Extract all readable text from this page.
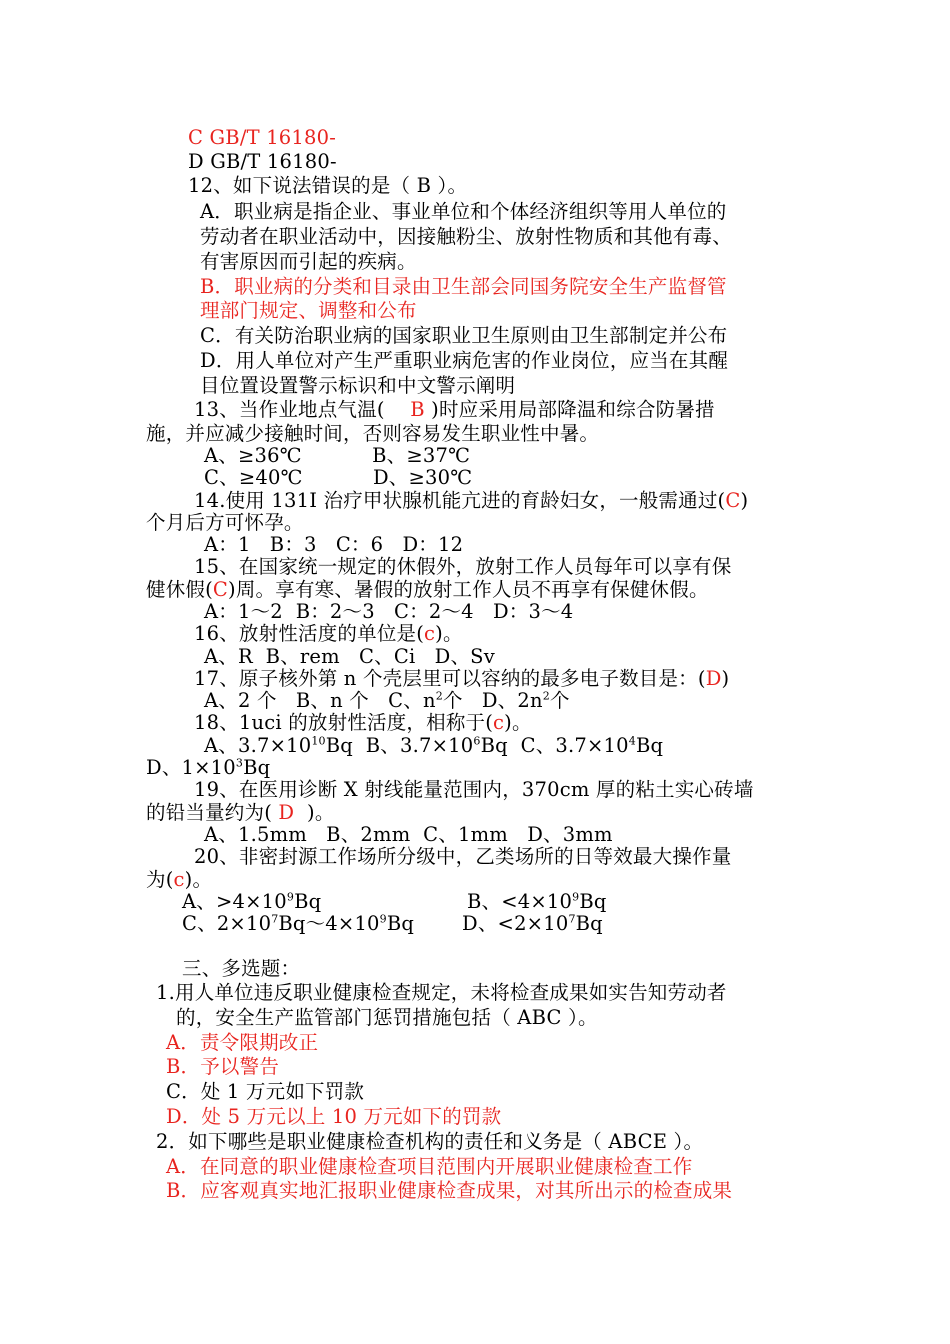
C GB/T 16180-
D GB/T 16180-
12、如下说法错误的是（ B ）。
A．职业病是指企业、事业单位和个体经济组织等用人单位的
劳动者在职业活动中，因接触粉尘、放射性物质和其他有毒、
有害原因而引起的疾病。
B．职业病的分类和目录由卫生部会同国务院安全生产监督管
理部门规定、调整和公布
C．有关防治职业病的国家职业卫生原则由卫生部制定并公布
D．用人单位对产生严重职业病危害的作业岗位，应当在其醒
目位置设置警示标识和中文警示阐明
13、当作业地点气温(    B )时应采用局部降温和综合防暑措
施，并应减少接触时间，否则容易发生职业性中暑。
A、≥36℃           B、≥37℃
C、≥40℃           D、≥30℃
14.使用 131I 治疗甲状腺机能亢进的育龄妇女，一般需通过(C)
个月后方可怀孕。
A：1   B：3   C：6   D：12
15、在国家统一规定的休假外，放射工作人员每年可以享有保
健休假(C)周。享有寒、暑假的放射工作人员不再享有保健休假。
A：1～2  B：2～3   C：2～4   D：3～4
16、放射性活度的单位是(c)。
A、R  B、rem   C、Ci   D、Sv
17、原子核外第 n 个壳层里可以容纳的最多电子数目是：(D)
A、2 个   B、n 个   C、$n^2$个   D、$2n^2$个
18、1uci 的放射性活度，相称于(c)。
A、$3.7\times 10^{10}Bq$  B、$3.7\times 10^6Bq$  C、$3.7\times 10^4Bq$
D、$1\times 10^3Bq$
19、在医用诊断 X 射线能量范围内，370cm 厚的粘土实心砖墙
的铅当量约为( D  )。
A、1.5mm   B、2mm  C、1mm   D、3mm
20、非密封源工作场所分级中，乙类场所的日等效最大操作量
为(c)。
A、$>4\times 10^9Bq$	B、$<4\times 10^9Bq$
C、$2\times 10^7Bq\sim 4\times 10^9Bq$ D、$<2\times 10^7Bq$
三、多选题：
1.用人单位违反职业健康检查规定，未将检查成果如实告知劳动者
的，安全生产监管部门惩罚措施包括（ ABC ）。
A．责令限期改正
B．予以警告
C．处 1 万元如下罚款
D．处 5 万元以上 10 万元如下的罚款
2．如下哪些是职业健康检查机构的责任和义务是（ ABCE ）。
A．在同意的职业健康检查项目范围内开展职业健康检查工作
B．应客观真实地汇报职业健康检查成果，对其所出示的检查成果
